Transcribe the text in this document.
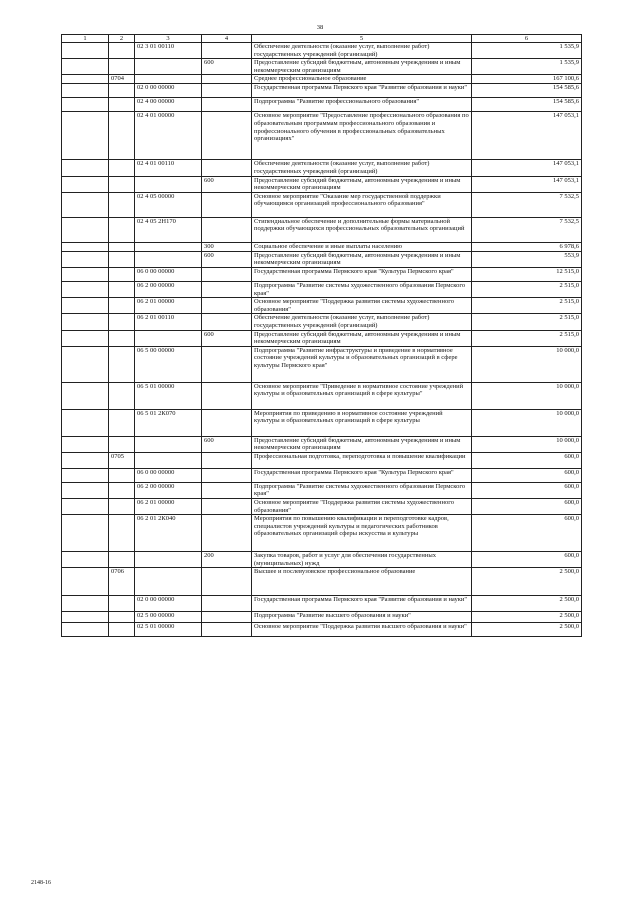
38
1	2	3	4	5	6
		02 3 01 00110		Обеспечение деятельности (оказание услуг, выполнение работ) государственных учреждений (организаций)	1 535,9
			600	Предоставление субсидий бюджетным, автономным учреждениям и иным некоммерческим организациям	1 535,9
	0704			Среднее профессиональное образование	167 100,6
		02 0 00 00000		Государственная программа Пермского края "Развитие образования и науки"	154 585,6
		02 4 00 00000		Подпрограмма "Развитие профессионального образования"	154 585,6
		02 4 01 00000		Основное мероприятие "Предоставление профессионального образования по образовательным программам профессионального образования и профессионального обучения в профессиональных образовательных организациях"	147 053,1
		02 4 01 00110		Обеспечение деятельности (оказание услуг, выполнение работ) государственных учреждений (организаций)	147 053,1
			600	Предоставление субсидий бюджетным, автономным учреждениям и иным некоммерческим организациям	147 053,1
		02 4 05 00000		Основное мероприятие "Оказание мер государственной поддержки обучающимся организаций профессионального образования"	7 532,5
		02 4 05 2Н170		Стипендиальное обеспечение и дополнительные формы материальной поддержки обучающихся профессиональных образовательных организаций	7 532,5
			300	Социальное обеспечение и иные выплаты населению	6 978,6
			600	Предоставление субсидий бюджетным, автономным учреждениям и иным некоммерческим организациям	553,9
		06 0 00 00000		Государственная программа Пермского края "Культура Пермского края"	12 515,0
		06 2 00 00000		Подпрограмма "Развитие системы художественного образования Пермского края"	2 515,0
		06 2 01 00000		Основное мероприятие "Поддержка развития системы художественного образования"	2 515,0
		06 2 01 00110		Обеспечение деятельности (оказание услуг, выполнение работ) государственных учреждений (организаций)	2 515,0
			600	Предоставление субсидий бюджетным, автономным учреждениям и иным некоммерческим организациям	2 515,0
		06 5 00 00000		Подпрограмма "Развитие инфраструктуры и приведение в нормативное состояние учреждений культуры и образовательных организаций в сфере культуры Пермского края"	10 000,0
		06 5 01 00000		Основное мероприятие "Приведение в нормативное состояние учреждений культуры и образовательных организаций в сфере культуры"	10 000,0
		06 5 01 2К070		Мероприятия по приведению в нормативное состояние учреждений культуры и образовательных организаций в сфере культуры	10 000,0
			600	Предоставление субсидий бюджетным, автономным учреждениям и иным некоммерческим организациям	10 000,0
	0705			Профессиональная подготовка, переподготовка и повышение квалификации	600,0
		06 0 00 00000		Государственная программа Пермского края "Культура Пермского края"	600,0
		06 2 00 00000		Подпрограмма "Развитие системы художественного образования Пермского края"	600,0
		06 2 01 00000		Основное мероприятие "Поддержка развития системы художественного образования"	600,0
		06 2 01 2К040		Мероприятия по повышению квалификации и переподготовке кадров, специалистов учреждений культуры и педагогических работников образовательных организаций сферы искусства и культуры	600,0
			200	Закупка товаров, работ и услуг для обеспечения государственных (муниципальных) нужд	600,0
	0706			Высшее и послевузовское профессиональное образование	2 500,0
		02 0 00 00000		Государственная программа Пермского края "Развитие образования и науки"	2 500,0
		02 5 00 00000		Подпрограмма "Развитие высшего образования и науки"	2 500,0
		02 5 01 00000		Основное мероприятие "Поддержка развития высшего образования и науки"	2 500,0
2148-16
